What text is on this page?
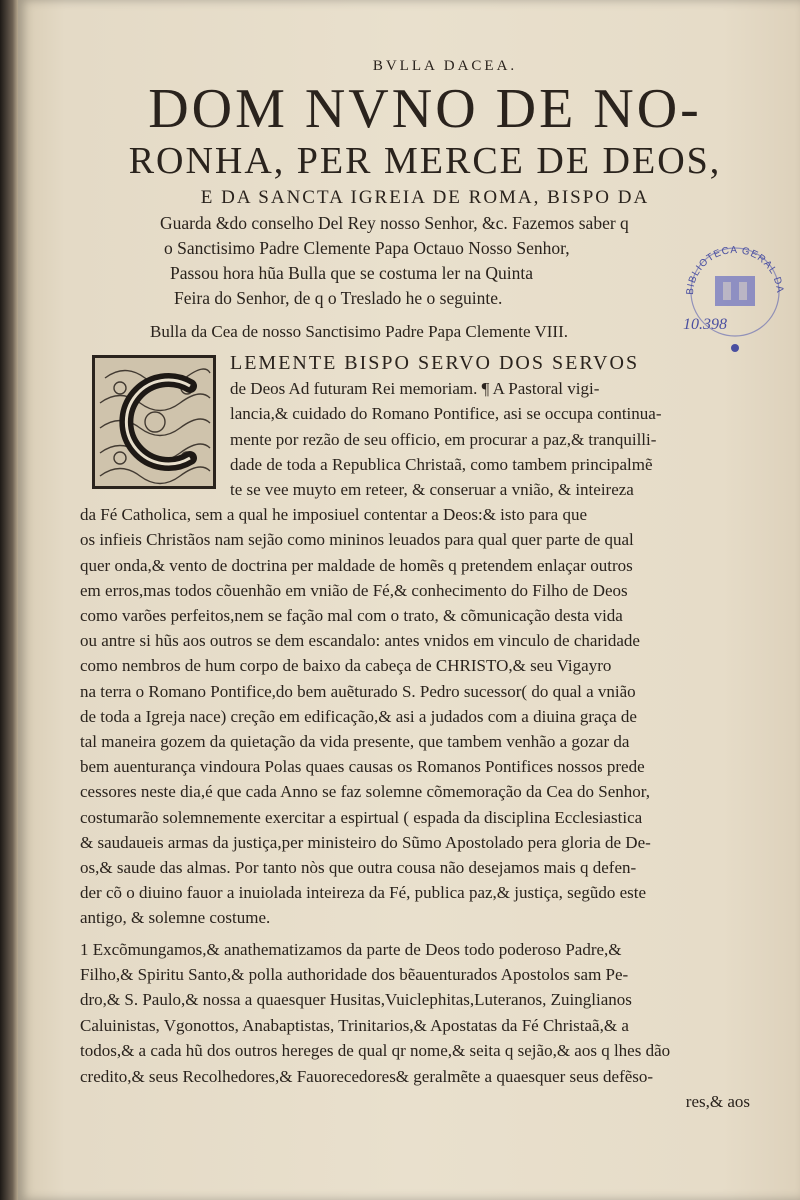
BIBLIOTECA GERAL DA
10.398
BVLLA DACEA.
DOM NVNO DE NO-
RONHA, PER MERCE DE DEOS,
E DA SANCTA IGREIA DE ROMA, BISPO DA
Guarda &do conselho Del Rey nosso Senhor, &c. Fazemos saber q
o Sanctisimo Padre Clemente Papa Octauo Nosso Senhor,
Passou hora hũa Bulla que se costuma ler na Quinta
Feira do Senhor, de q o Treslado he o seguinte.
Bulla da Cea de nosso Sanctisimo Padre Papa Clemente VIII.
LEMENTE BISPO SERVO DOS SERVOS
de Deos Ad futuram Rei memoriam. ¶ A Pastoral vigi-
lancia,& cuidado do Romano Pontifice, asi se occupa continua-
mente por rezão de seu officio, em procurar a paz,& tranquilli-
dade de toda a Republica Christaã, como tambem principalmẽ
te se vee muyto em reteer, & conseruar a vnião, & inteireza
da Fé Catholica, sem a qual he imposiuel contentar a Deos:& isto para que
os infieis Christãos nam sejão como mininos leuados para qual quer parte de qual
quer onda,& vento de doctrina per maldade de homẽs q pretendem enlaçar outros
em erros,mas todos cõuenhão em vnião de Fé,& conhecimento do Filho de Deos
como varões perfeitos,nem se fação mal com o trato, & cõmunicação desta vida
ou antre si hũs aos outros se dem escandalo: antes vnidos em vinculo de charidade
como nembros de hum corpo de baixo da cabeça de CHRISTO,& seu Vigayro
na terra o Romano Pontifice,do bem auẽturado S. Pedro sucessor( do qual a vnião
de toda a Igreja nace) creção em edificação,& asi a judados com a diuina graça de
tal maneira gozem da quietação da vida presente, que tambem venhão a gozar da
bem auenturança vindoura Polas quaes causas os Romanos Pontifices nossos prede
cessores neste dia,é que cada Anno se faz solemne cõmemoração da Cea do Senhor,
costumarão solemnemente exercitar a espirtual ( espada da disciplina Ecclesiastica
& saudaueis armas da justiça,per ministeiro do Sũmo Apostolado pera gloria de De-
os,& saude das almas. Por tanto nòs que outra cousa não desejamos mais q defen-
der cõ o diuino fauor a inuiolada inteireza da Fé, publica paz,& justiça, segũdo este
antigo, & solemne costume.
1 Excõmungamos,& anathematizamos da parte de Deos todo poderoso Padre,&
Filho,& Spiritu Santo,& polla authoridade dos bẽauenturados Apostolos sam Pe-
dro,& S. Paulo,& nossa a quaesquer Husitas,Vuiclephitas,Luteranos, Zuinglianos
Caluinistas, Vgonottos, Anabaptistas, Trinitarios,& Apostatas da Fé Christaã,& a
todos,& a cada hũ dos outros hereges de qual qr nome,& seita q sejão,& aos q lhes dão
credito,& seus Recolhedores,& Fauorecedores& geralmẽte a quaesquer seus defẽso-
res,& aos
